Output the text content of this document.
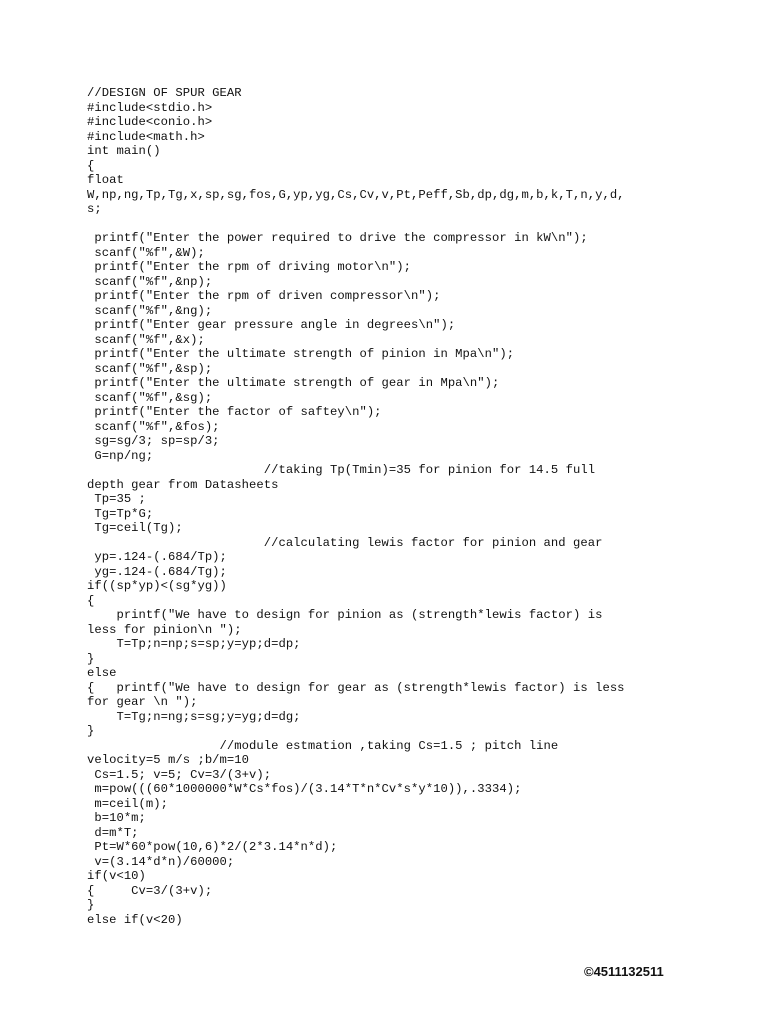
//DESIGN OF SPUR GEAR
#include<stdio.h>
#include<conio.h>
#include<math.h>
int main()
{
float
W,np,ng,Tp,Tg,x,sp,sg,fos,G,yp,yg,Cs,Cv,v,Pt,Peff,Sb,dp,dg,m,b,k,T,n,y,d,
s;
printf("Enter the power required to drive the compressor in kW\n");
scanf("%f",&W);
printf("Enter the rpm of driving motor\n");
scanf("%f",&np);
printf("Enter the rpm of driven compressor\n");
scanf("%f",&ng);
printf("Enter gear pressure angle in degrees\n");
scanf("%f",&x);
printf("Enter the ultimate strength of pinion in Mpa\n");
scanf("%f",&sp);
printf("Enter the ultimate strength of gear in Mpa\n");
scanf("%f",&sg);
printf("Enter the factor of saftey\n");
scanf("%f",&fos);
sg=sg/3; sp=sp/3;
G=np/ng;
//taking Tp(Tmin)=35 for pinion for 14.5 full
depth gear from Datasheets
Tp=35 ;
Tg=Tp*G;
Tg=ceil(Tg);
//calculating lewis factor for pinion and gear
yp=.124-(.684/Tp);
yg=.124-(.684/Tg);
if((sp*yp)<(sg*yg))
{
printf("We have to design for pinion as (strength*lewis factor) is
less for pinion\n ");
T=Tp;n=np;s=sp;y=yp;d=dp;
}
else
{   printf("We have to design for gear as (strength*lewis factor) is less
for gear \n ");
T=Tg;n=ng;s=sg;y=yg;d=dg;
}
//module estmation ,taking Cs=1.5 ; pitch line
velocity=5 m/s ;b/m=10
Cs=1.5; v=5; Cv=3/(3+v);
m=pow(((60*1000000*W*Cs*fos)/(3.14*T*n*Cv*s*y*10)),.3334);
m=ceil(m);
b=10*m;
d=m*T;
Pt=W*60*pow(10,6)*2/(2*3.14*n*d);
v=(3.14*d*n)/60000;
if(v<10)
{     Cv=3/(3+v);
}
else if(v<20)
©4511132511
